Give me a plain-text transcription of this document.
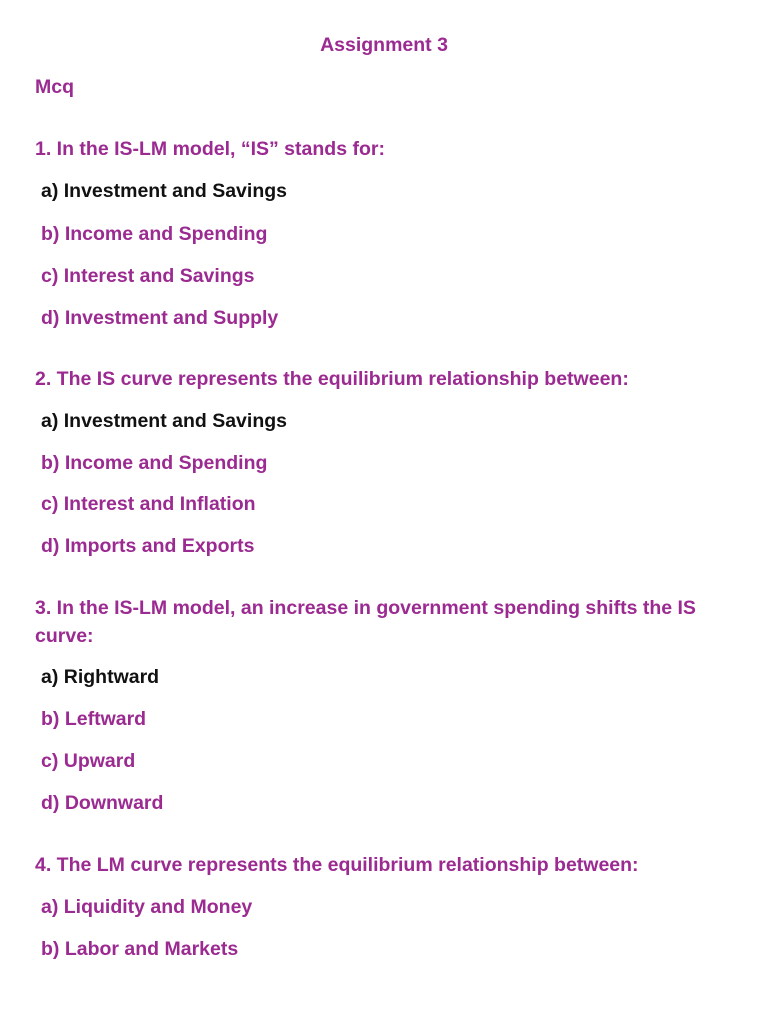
Assignment 3
Mcq
1. In the IS-LM model, “IS” stands for:
a) Investment and Savings
b) Income and Spending
c) Interest and Savings
d) Investment and Supply
2. The IS curve represents the equilibrium relationship between:
a) Investment and Savings
b) Income and Spending
c) Interest and Inflation
d) Imports and Exports
3. In the IS-LM model, an increase in government spending shifts the IS curve:
a) Rightward
b) Leftward
c) Upward
d) Downward
4. The LM curve represents the equilibrium relationship between:
a) Liquidity and Money
b) Labor and Markets
